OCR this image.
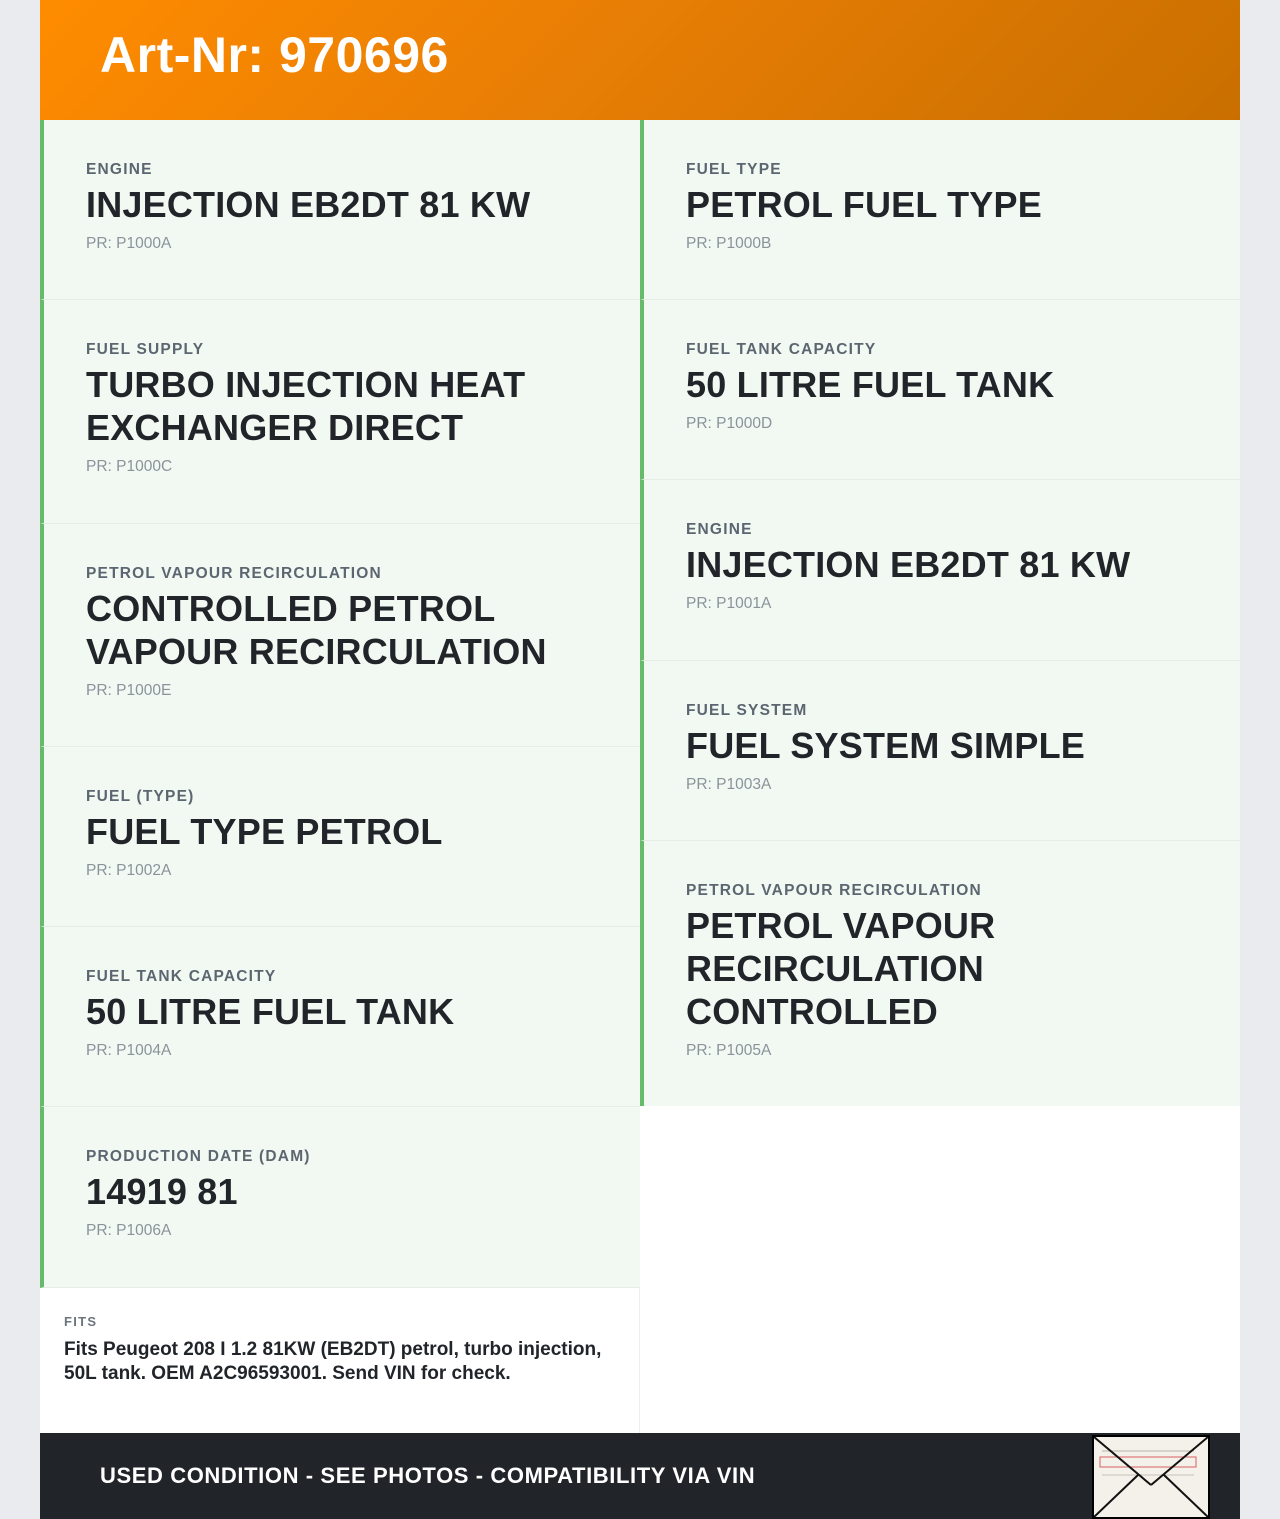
Art-Nr: 970696
ENGINE
INJECTION EB2DT 81 KW
PR: P1000A
FUEL SUPPLY
TURBO INJECTION HEAT EXCHANGER DIRECT
PR: P1000C
PETROL VAPOUR RECIRCULATION
CONTROLLED PETROL VAPOUR RECIRCULATION
PR: P1000E
FUEL (TYPE)
FUEL TYPE PETROL
PR: P1002A
FUEL TANK CAPACITY
50 LITRE FUEL TANK
PR: P1004A
PRODUCTION DATE (DAM)
14919 81
PR: P1006A
FITS
Fits Peugeot 208 I 1.2 81KW (EB2DT) petrol, turbo injection, 50L tank. OEM A2C96593001. Send VIN for check.
FUEL TYPE
PETROL FUEL TYPE
PR: P1000B
FUEL TANK CAPACITY
50 LITRE FUEL TANK
PR: P1000D
ENGINE
INJECTION EB2DT 81 KW
PR: P1001A
FUEL SYSTEM
FUEL SYSTEM SIMPLE
PR: P1003A
PETROL VAPOUR RECIRCULATION
PETROL VAPOUR RECIRCULATION CONTROLLED
PR: P1005A
USED CONDITION - SEE PHOTOS - COMPATIBILITY VIA VIN
